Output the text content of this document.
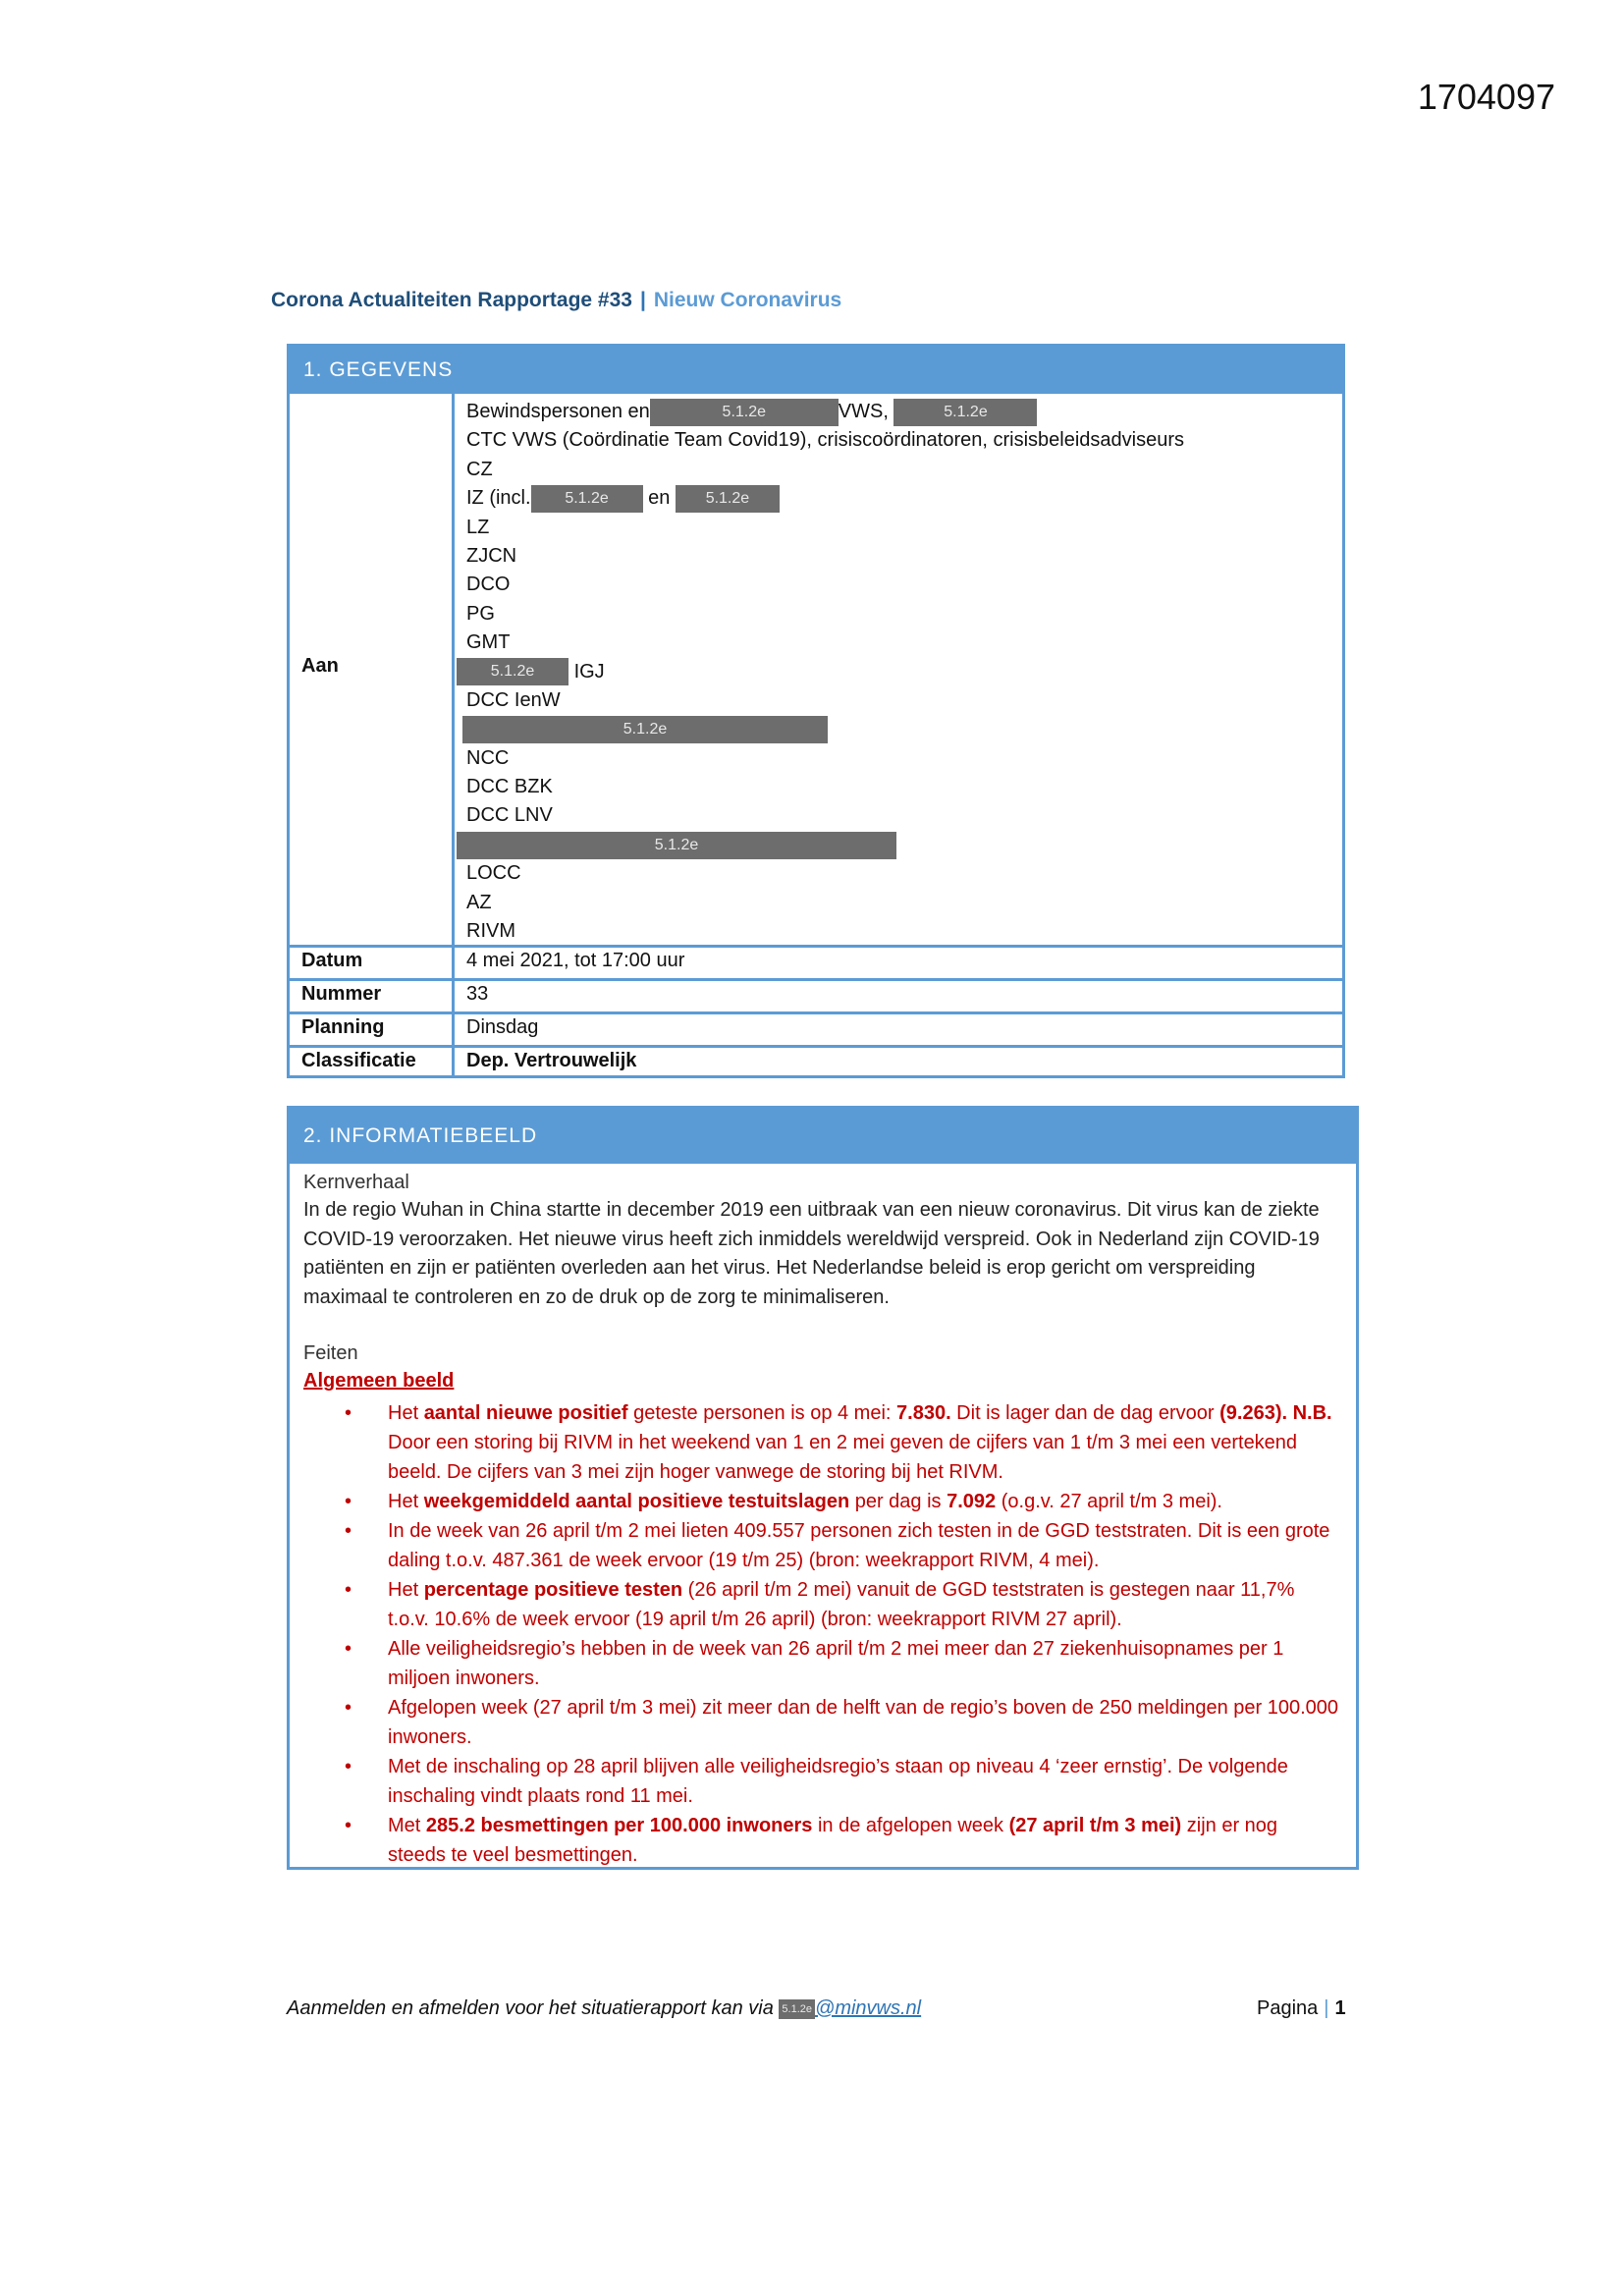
1704097
Corona Actualiteiten Rapportage #33 | Nieuw Coronavirus
1. GEGEVENS
Aan
Bewindspersonen en	5.1.2e	VWS,	5.1.2e
CTC VWS (Coördinatie Team Covid19), crisiscoördinatoren, crisisbeleidsadviseurs
CZ
IZ (incl. 5.1.2e en 5.1.2e
LZ
ZJCN
DCO
PG
GMT
5.1.2e IGJ
DCC IenW
5.1.2e
NCC
DCC BZK
DCC LNV
5.1.2e
LOCC
AZ
RIVM
Datum	4 mei 2021, tot 17:00 uur
Nummer	33
Planning	Dinsdag
Classificatie	Dep. Vertrouwelijk
2. INFORMATIEBEELD
Kernverhaal
In de regio Wuhan in China startte in december 2019 een uitbraak van een nieuw coronavirus. Dit virus kan de ziekte COVID-19 veroorzaken. Het nieuwe virus heeft zich inmiddels wereldwijd verspreid. Ook in Nederland zijn COVID-19 patiënten en zijn er patiënten overleden aan het virus. Het Nederlandse beleid is erop gericht om verspreiding maximaal te controleren en zo de druk op de zorg te minimaliseren.
Feiten
Algemeen beeld
• Het aantal nieuwe positief geteste personen is op 4 mei: 7.830. Dit is lager dan de dag ervoor (9.263). N.B. Door een storing bij RIVM in het weekend van 1 en 2 mei geven de cijfers van 1 t/m 3 mei een vertekend beeld. De cijfers van 3 mei zijn hoger vanwege de storing bij het RIVM.
• Het weekgemiddeld aantal positieve testuitslagen per dag is 7.092 (o.g.v. 27 april t/m 3 mei).
• In de week van 26 april t/m 2 mei lieten 409.557 personen zich testen in de GGD teststraten. Dit is een grote daling t.o.v. 487.361 de week ervoor (19 t/m 25) (bron: weekrapport RIVM, 4 mei).
• Het percentage positieve testen (26 april t/m 2 mei) vanuit de GGD teststraten is gestegen naar 11,7% t.o.v. 10.6% de week ervoor (19 april t/m 26 april) (bron: weekrapport RIVM 27 april).
• Alle veiligheidsregio’s hebben in de week van 26 april t/m 2 mei meer dan 27 ziekenhuisopnames per 1 miljoen inwoners.
• Afgelopen week (27 april t/m 3 mei) zit meer dan de helft van de regio’s boven de 250 meldingen per 100.000 inwoners.
• Met de inschaling op 28 april blijven alle veiligheidsregio’s staan op niveau 4 ‘zeer ernstig’. De volgende inschaling vindt plaats rond 11 mei.
• Met 285.2 besmettingen per 100.000 inwoners in de afgelopen week (27 april t/m 3 mei) zijn er nog steeds te veel besmettingen.
Aanmelden en afmelden voor het situatierapport kan via 5.1.2e @minvws.nl	Pagina | 1
